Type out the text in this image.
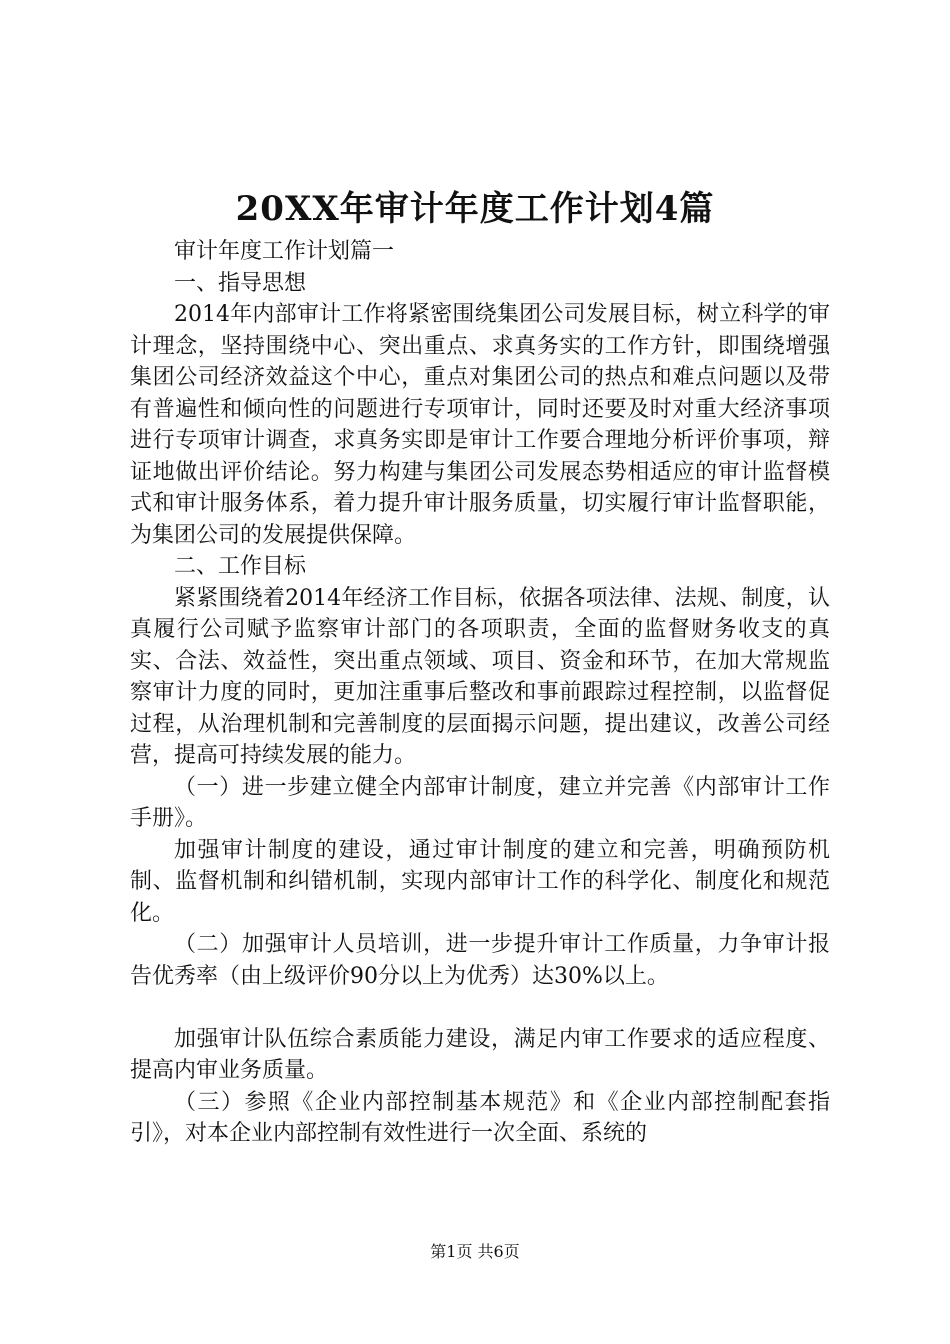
20XX年审计年度工作计划4篇

审计年度工作计划篇一

一、指导思想

2014年内部审计工作将紧密围绕集团公司发展目标，树立科学的审计理念，坚持围绕中心、突出重点、求真务实的工作方针，即围绕增强集团公司经济效益这个中心，重点对集团公司的热点和难点问题以及带有普遍性和倾向性的问题进行专项审计，同时还要及时对重大经济事项进行专项审计调查，求真务实即是审计工作要合理地分析评价事项，辩证地做出评价结论。努力构建与集团公司发展态势相适应的审计监督模式和审计服务体系，着力提升审计服务质量，切实履行审计监督职能，为集团公司的发展提供保障。

二、工作目标

紧紧围绕着2014年经济工作目标，依据各项法律、法规、制度，认真履行公司赋予监察审计部门的各项职责，全面的监督财务收支的真实、合法、效益性，突出重点领域、项目、资金和环节，在加大常规监察审计力度的同时，更加注重事后整改和事前跟踪过程控制，以监督促过程，从治理机制和完善制度的层面揭示问题，提出建议，改善公司经营，提高可持续发展的能力。

（一）进一步建立健全内部审计制度，建立并完善《内部审计工作手册》。

加强审计制度的建设，通过审计制度的建立和完善，明确预防机制、监督机制和纠错机制，实现内部审计工作的科学化、制度化和规范化。

（二）加强审计人员培训，进一步提升审计工作质量，力争审计报告优秀率（由上级评价90分以上为优秀）达30%以上。

加强审计队伍综合素质能力建设，满足内审工作要求的适应程度、提高内审业务质量。

（三）参照《企业内部控制基本规范》和《企业内部控制配套指引》，对本企业内部控制有效性进行一次全面、系统的

第1页 共6页
